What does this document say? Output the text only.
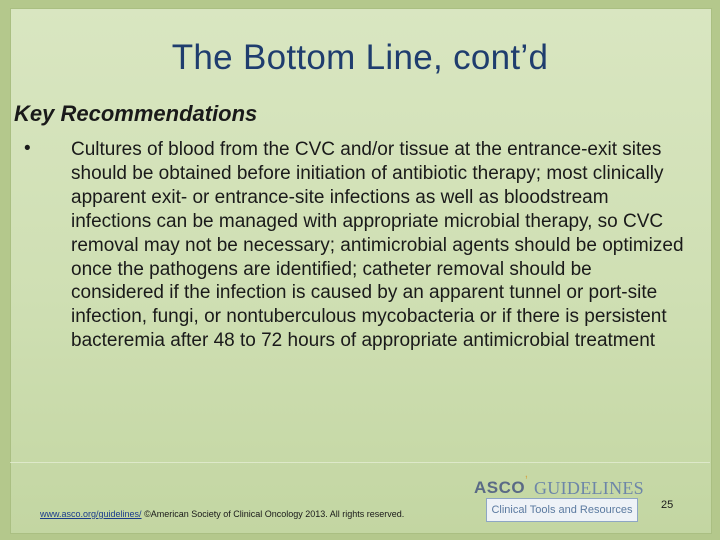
The Bottom Line, cont’d
Key Recommendations
• Cultures of blood from the CVC and/or tissue at the entrance-exit sites should be obtained before initiation of antibiotic therapy; most clinically apparent exit- or entrance-site infections as well as bloodstream infections can be managed with appropriate microbial therapy, so CVC removal may not be necessary; antimicrobial agents should be optimized once the pathogens are identified; catheter removal should be considered if the infection is caused by an apparent tunnel or port-site infection, fungi, or nontuberculous mycobacteria or if there is persistent bacteremia after 48 to 72 hours of appropriate antimicrobial treatment
www.asco.org/guidelines/ ©American Society of Clinical Oncology 2013. All rights reserved.
ASCO ʼ GUIDELINES
Clinical Tools and Resources	25
